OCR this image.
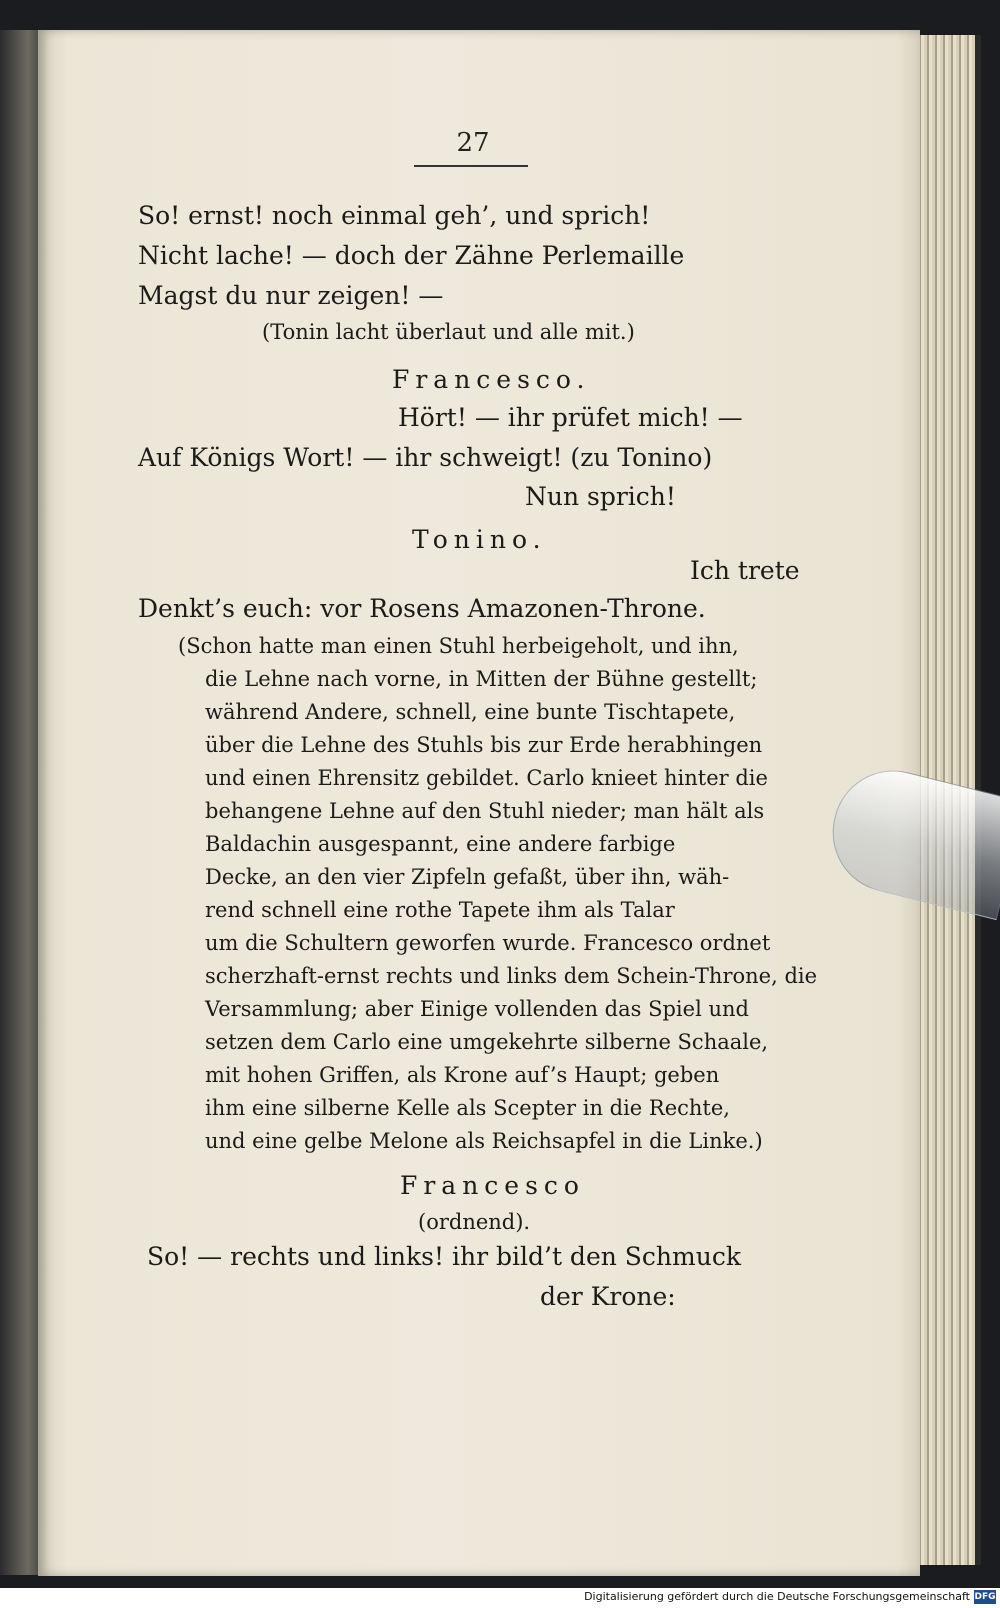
27
So! ernst! noch einmal geh’, und sprich!
Nicht lache! — doch der Zähne Perlemaille
Magst du nur zeigen! —
(Tonin lacht überlaut und alle mit.)
Francesco.
Hört! — ihr prüfet mich! —
Auf Königs Wort! — ihr schweigt! (zu Tonino)
Nun sprich!
Tonino.
Ich trete
Denkt’s euch: vor Rosens Amazonen-Throne.
(Schon hatte man einen Stuhl herbeigeholt, und ihn,
die Lehne nach vorne, in Mitten der Bühne gestellt;
während Andere, schnell, eine bunte Tischtapete,
über die Lehne des Stuhls bis zur Erde herabhingen
und einen Ehrensitz gebildet. Carlo knieet hinter die
behangene Lehne auf den Stuhl nieder; man hält als
Baldachin ausgespannt, eine andere farbige
Decke, an den vier Zipfeln gefaßt, über ihn, wäh-
rend schnell eine rothe Tapete ihm als Talar
um die Schultern geworfen wurde. Francesco ordnet
scherzhaft-ernst rechts und links dem Schein-Throne, die
Versammlung; aber Einige vollenden das Spiel und
setzen dem Carlo eine umgekehrte silberne Schaale,
mit hohen Griffen, als Krone auf’s Haupt; geben
ihm eine silberne Kelle als Scepter in die Rechte,
und eine gelbe Melone als Reichsapfel in die Linke.)
Francesco
(ordnend).
So! — rechts und links! ihr bild’t den Schmuck
der Krone:
Digitalisierung gefördert durch die Deutsche Forschungsgemeinschaft DFG
